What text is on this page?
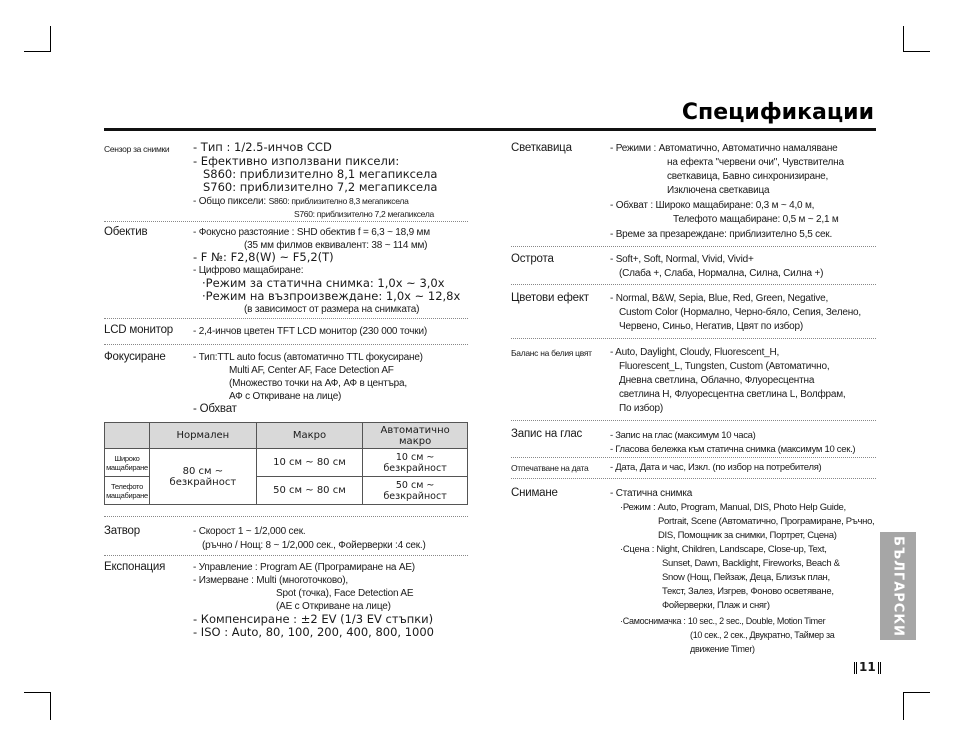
Спецификации
Сензор за снимки - Тип : 1/2.5-инчов CCD
- Ефективно използвани пиксели:
S860: приблизително 8,1 мегапиксела
S760: приблизително 7,2 мегапиксела
- Общо пиксели: S860: приблизително 8,3 мегапиксела
S760: приблизително 7,2 мегапиксела
Обектив	- Фокусно разстояние : SHD обектив f = 6,3 ~ 18,9 мм
(35 мм филмов еквивалент: 38 ~ 114 мм)
- F №: F2,8(W) ~ F5,2(T)
- Цифрово мащабиране:
·Режим за статична снимка: 1,0x ~ 3,0x
·Режим на възпроизвеждане: 1,0x ~ 12,8x
(в зависимост от размера на снимката)
LCD монитор - 2,4-инчов цветен TFT LCD монитор (230 000 точки)
Фокусиране	- Тип:TTL auto focus (автоматично TTL фокусиране)
Multi AF, Center AF, Face Detection AF
(Множество точки на АФ, АФ в центъра,
АФ с Откриване на лице)
- Обхват
	Нормален	Макро	Автоматично
макро
Широко
мащабиране	80 см ~ безкрайност	10 см ~ 80 см	10 см ~ безкрайност
Телефото
мащабиране		50 см ~ 80 см	50 см ~ безкрайност
Затвор	- Скорост 1 ~ 1/2,000 сек.
(ръчно / Нощ: 8 ~ 1/2,000 сек., Фойерверки :4 сек.)
Експонация	- Управление : Program AE (Програмиране на AE)
- Измерване : Multi (многоточково),
Spot (точка), Face Detection AE
(AE с Откриване на лице)
- Компенсиране : ±2 EV (1/3 EV стъпки)
- ISO : Auto, 80, 100, 200, 400, 800, 1000
Светкавица	- Режими : Автоматично, Автоматично намаляване
на ефекта "червени очи", Чувствителна
светкавица, Бавно синхронизиране,
Изключена светкавица
- Обхват : Широко мащабиране: 0,3 м ~ 4,0 м,
Телефото мащабиране: 0,5 м ~ 2,1 м
- Време за презареждане: приблизително 5,5 сек.
Острота	- Soft+, Soft, Normal, Vivid, Vivid+
(Слаба +, Слаба, Нормална, Силна, Силна +)
Цветови ефект - Normal, B&W, Sepia, Blue, Red, Green, Negative,
Custom Color (Нормално, Черно-бяло, Сепия, Зелено,
Червено, Синьо, Негатив, Цвят по избор)
Баланс на белия цвят - Auto, Daylight, Cloudy, Fluorescent_H,
Fluorescent_L, Tungsten, Custom (Автоматично,
Дневна светлина, Облачно, Флуоресцентна
светлина H, Флуоресцентна светлина L, Волфрам,
По избор)
Запис на глас	- Запис на глас (максимум 10 часа)
- Гласова бележка към статична снимка (максимум 10 сек.)
Отпечатване на дата - Дата, Дата и час, Изкл. (по избор на потребителя)
Снимане	- Статична снимка
·Режим : Auto, Program, Manual, DIS, Photo Help Guide,
Portrait, Scene (Автоматично, Програмиране, Ръчно,
DIS, Помощник за снимки, Портрет, Сцена)
·Сцена : Night, Children, Landscape, Close-up, Text,
Sunset, Dawn, Backlight, Fireworks, Beach &
Snow (Нощ, Пейзаж, Деца, Близък план,
Текст, Залез, Изгрев, Фоново осветяване,
Фойерверки, Плаж и сняг)
·Самоснимачка : 10 sec., 2 sec., Double, Motion Timer
(10 сек., 2 сек., Двукратно, Таймер за
движение Timer)
БЪЛГАРСКИ
11
